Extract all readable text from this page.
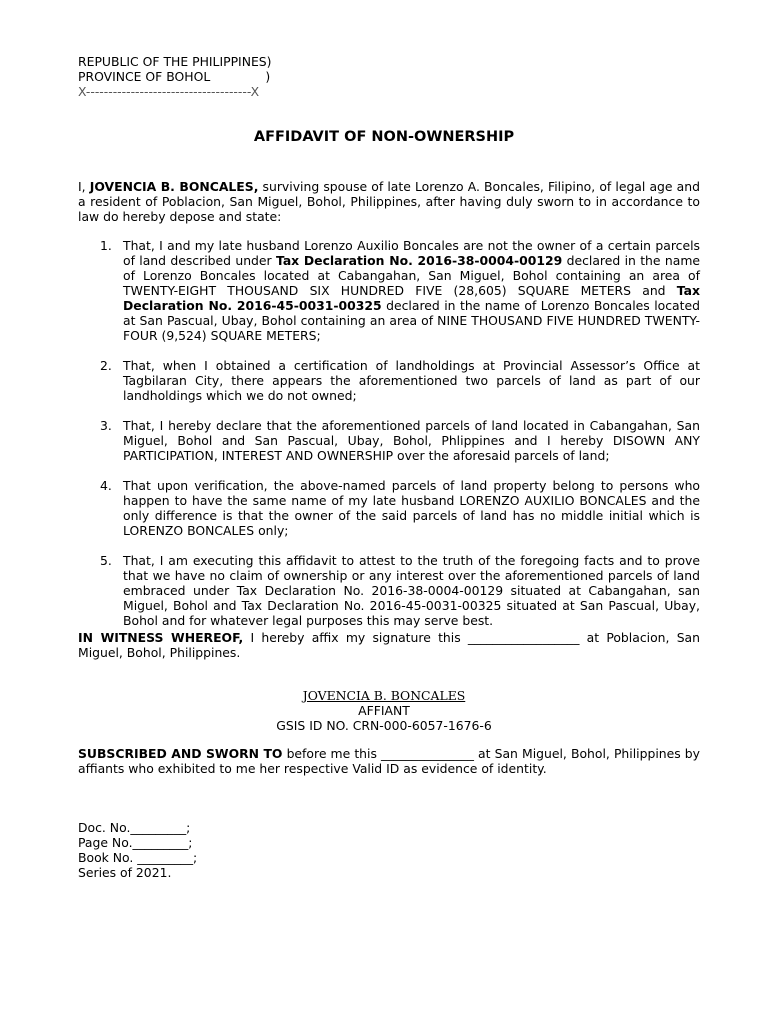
REPUBLIC OF THE PHILIPPINES)
PROVINCE OF BOHOL              )
X-------------------------------------X
AFFIDAVIT OF NON-OWNERSHIP
I, JOVENCIA B. BONCALES, surviving spouse of late Lorenzo A. Boncales, Filipino, of legal age and a resident of Poblacion, San Miguel, Bohol, Philippines, after having duly sworn to in accordance to law do hereby depose and state:
1. That, I and my late husband Lorenzo Auxilio Boncales are not the owner of a certain parcels of land described under Tax Declaration No. 2016-38-0004-00129 declared in the name of Lorenzo Boncales located at Cabangahan, San Miguel, Bohol containing an area of TWENTY-EIGHT THOUSAND SIX HUNDRED FIVE (28,605) SQUARE METERS and Tax Declaration No. 2016-45-0031-00325 declared in the name of Lorenzo Boncales located at San Pascual, Ubay, Bohol containing an area of NINE THOUSAND FIVE HUNDRED TWENTY-FOUR (9,524) SQUARE METERS;
2. That, when I obtained a certification of landholdings at Provincial Assessor’s Office at Tagbilaran City, there appears the aforementioned two parcels of land as part of our landholdings which we do not owned;
3. That, I hereby declare that the aforementioned parcels of land located in Cabangahan, San Miguel, Bohol and San Pascual, Ubay, Bohol, Phlippines and I hereby DISOWN ANY PARTICIPATION, INTEREST AND OWNERSHIP over the aforesaid parcels of land;
4. That upon verification, the above-named parcels of land property belong to persons who happen to have the same name of my late husband LORENZO AUXILIO BONCALES and the only difference is that the owner of the said parcels of land has no middle initial which is LORENZO BONCALES only;
5. That, I am executing this affidavit to attest to the truth of the foregoing facts and to prove that we have no claim of ownership or any interest over the aforementioned parcels of land embraced under Tax Declaration No. 2016-38-0004-00129 situated at Cabangahan, san Miguel, Bohol and Tax Declaration No. 2016-45-0031-00325 situated at San Pascual, Ubay, Bohol and for whatever legal purposes this may serve best.
IN WITNESS WHEREOF, I hereby affix my signature this __________________ at Poblacion, San Miguel, Bohol, Philippines.
JOVENCIA B. BONCALES
AFFIANT
GSIS ID NO. CRN-000-6057-1676-6
SUBSCRIBED AND SWORN TO before me this _______________ at San Miguel, Bohol, Philippines by affiants who exhibited to me her respective Valid ID as evidence of identity.
Doc. No._________;
Page No._________;
Book No. _________;
Series of 2021.
